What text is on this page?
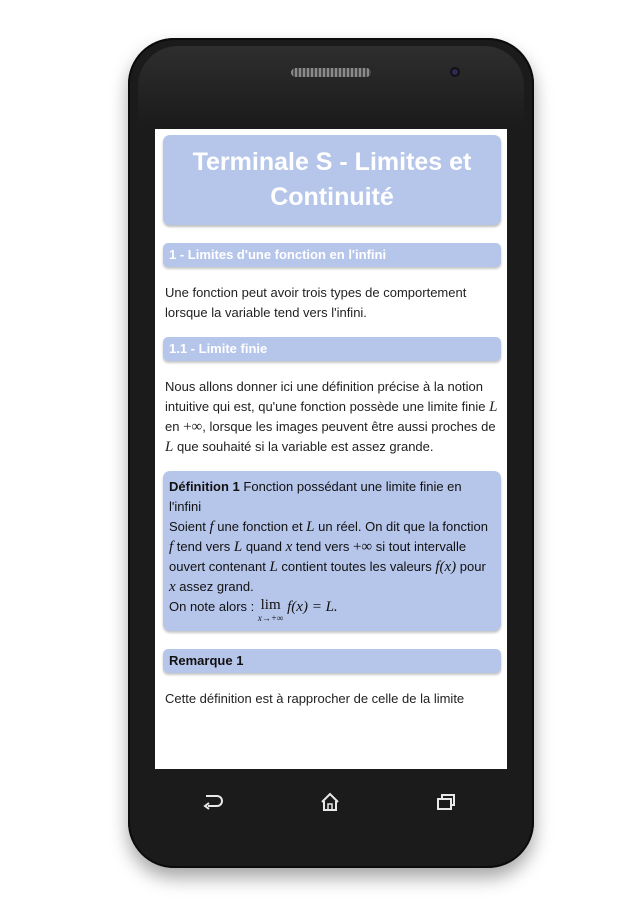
Terminale S - Limites et Continuité
1 - Limites d'une fonction en l'infini
Une fonction peut avoir trois types de comportement lorsque la variable tend vers l'infini.
1.1 - Limite finie
Nous allons donner ici une définition précise à la notion intuitive qui est, qu'une fonction possède une limite finie L en +∞, lorsque les images peuvent être aussi proches de L que souhaité si la variable est assez grande.
Définition 1 Fonction possédant une limite finie en l'infini
Soient f une fonction et L un réel. On dit que la fonction f tend vers L quand x tend vers +∞ si tout intervalle ouvert contenant L contient toutes les valeurs f(x) pour x assez grand.
On note alors : lim
x→+∞
f(x) = L.
Remarque 1
Cette définition est à rapprocher de celle de la limite
